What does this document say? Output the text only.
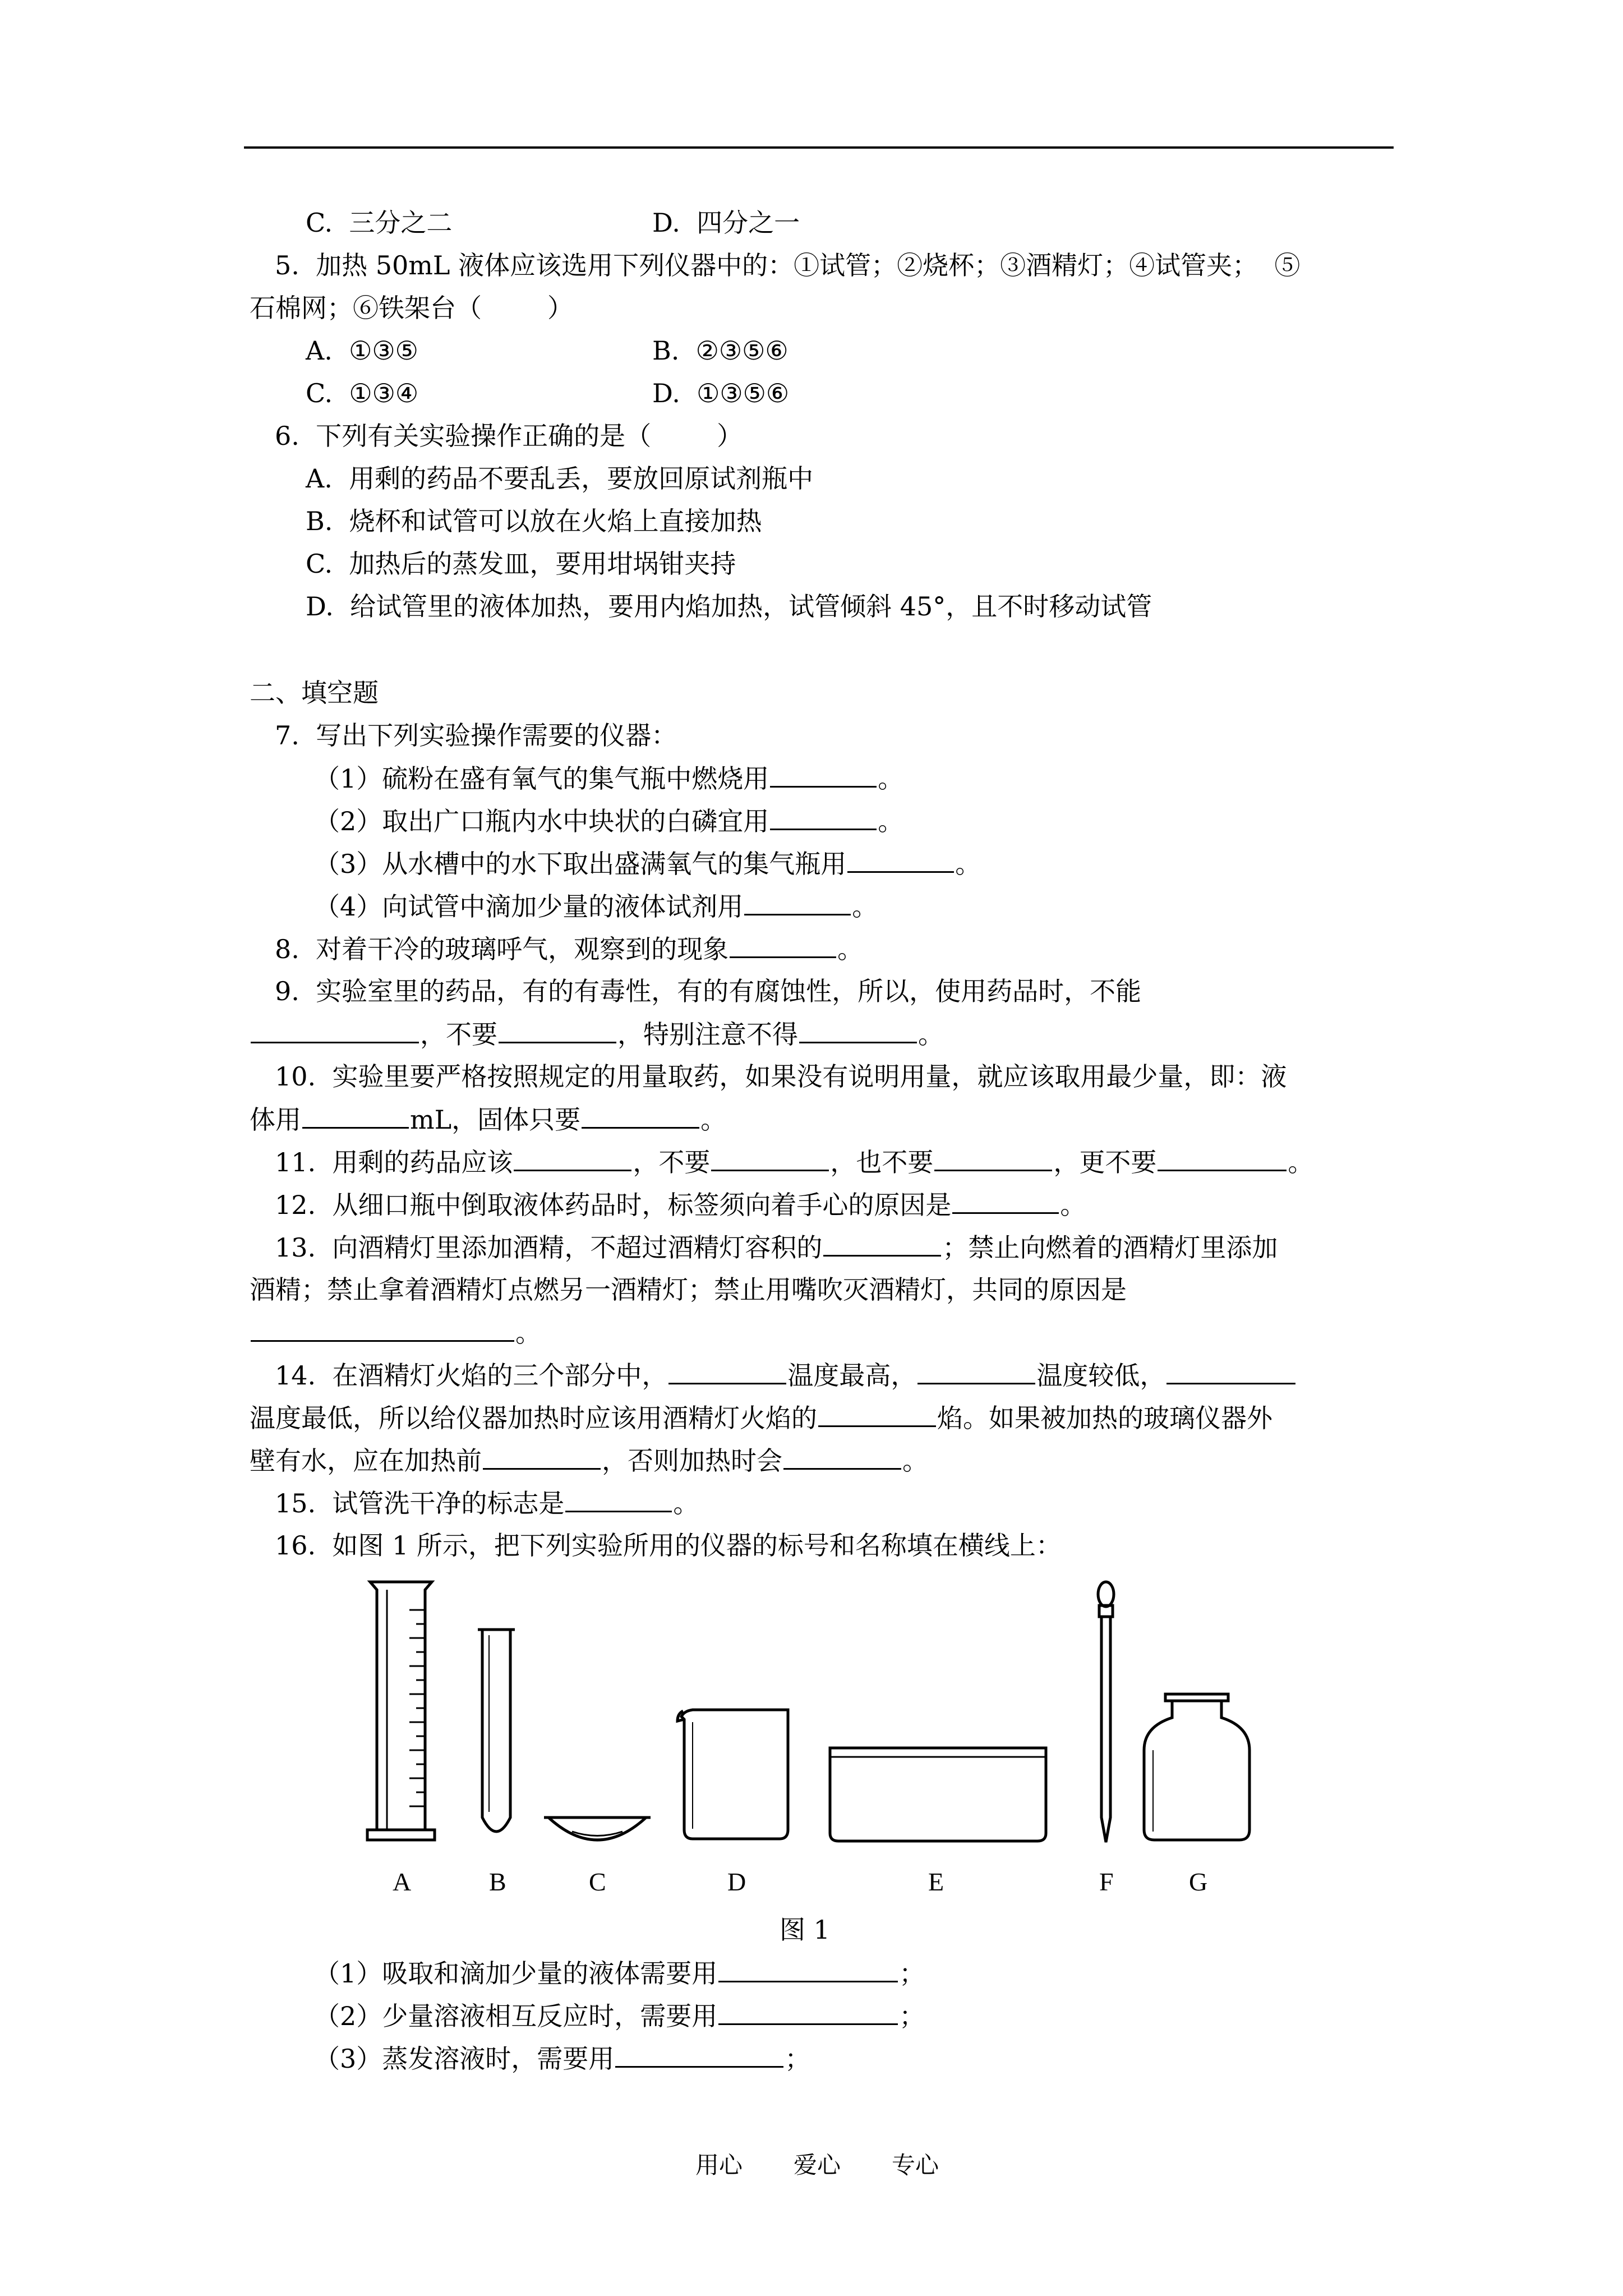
C.  三分之二	D.  四分之一
5.  加热 50mL 液体应该选用下列仪器中的：①试管；②烧杯；③酒精灯；④试管夹；  ⑤
石棉网；⑥铁架台（        ）
A.  ①③⑤	B.  ②③⑤⑥
C.  ①③④	D.  ①③⑤⑥
6.  下列有关实验操作正确的是（        ）
A.  用剩的药品不要乱丢，要放回原试剂瓶中
B.  烧杯和试管可以放在火焰上直接加热
C.  加热后的蒸发皿，要用坩埚钳夹持
D.  给试管里的液体加热，要用内焰加热，试管倾斜 45°，且不时移动试管
二、填空题
7.  写出下列实验操作需要的仪器：
（1）硫粉在盛有氧气的集气瓶中燃烧用	。
（2）取出广口瓶内水中块状的白磷宜用	。
（3）从水槽中的水下取出盛满氧气的集气瓶用	。
（4）向试管中滴加少量的液体试剂用	。
8.  对着干冷的玻璃呼气，观察到的现象	。
9.  实验室里的药品，有的有毒性，有的有腐蚀性，所以，使用药品时，不能
，不要	，特别注意不得	。
10.  实验里要严格按照规定的用量取药，如果没有说明用量，就应该取用最少量，即：液
体用	mL，固体只要	。
11.  用剩的药品应该	，不要	，也不要	，更不要	。
12.  从细口瓶中倒取液体药品时，标签须向着手心的原因是	。
13.  向酒精灯里添加酒精，不超过酒精灯容积的	；禁止向燃着的酒精灯里添加
酒精；禁止拿着酒精灯点燃另一酒精灯；禁止用嘴吹灭酒精灯，共同的原因是
。
14.  在酒精灯火焰的三个部分中，	温度最高，	温度较低，
温度最低，所以给仪器加热时应该用酒精灯火焰的	焰。如果被加热的玻璃仪器外
壁有水，应在加热前	，否则加热时会	。
15.  试管洗干净的标志是	。
16.  如图 1 所示，把下列实验所用的仪器的标号和名称填在横线上：
A	B	C	D	E	F	G
图 1
（1）吸取和滴加少量的液体需要用	；
（2）少量溶液相互反应时，需要用	；
（3）蒸发溶液时，需要用	；
用心 爱心 专心
